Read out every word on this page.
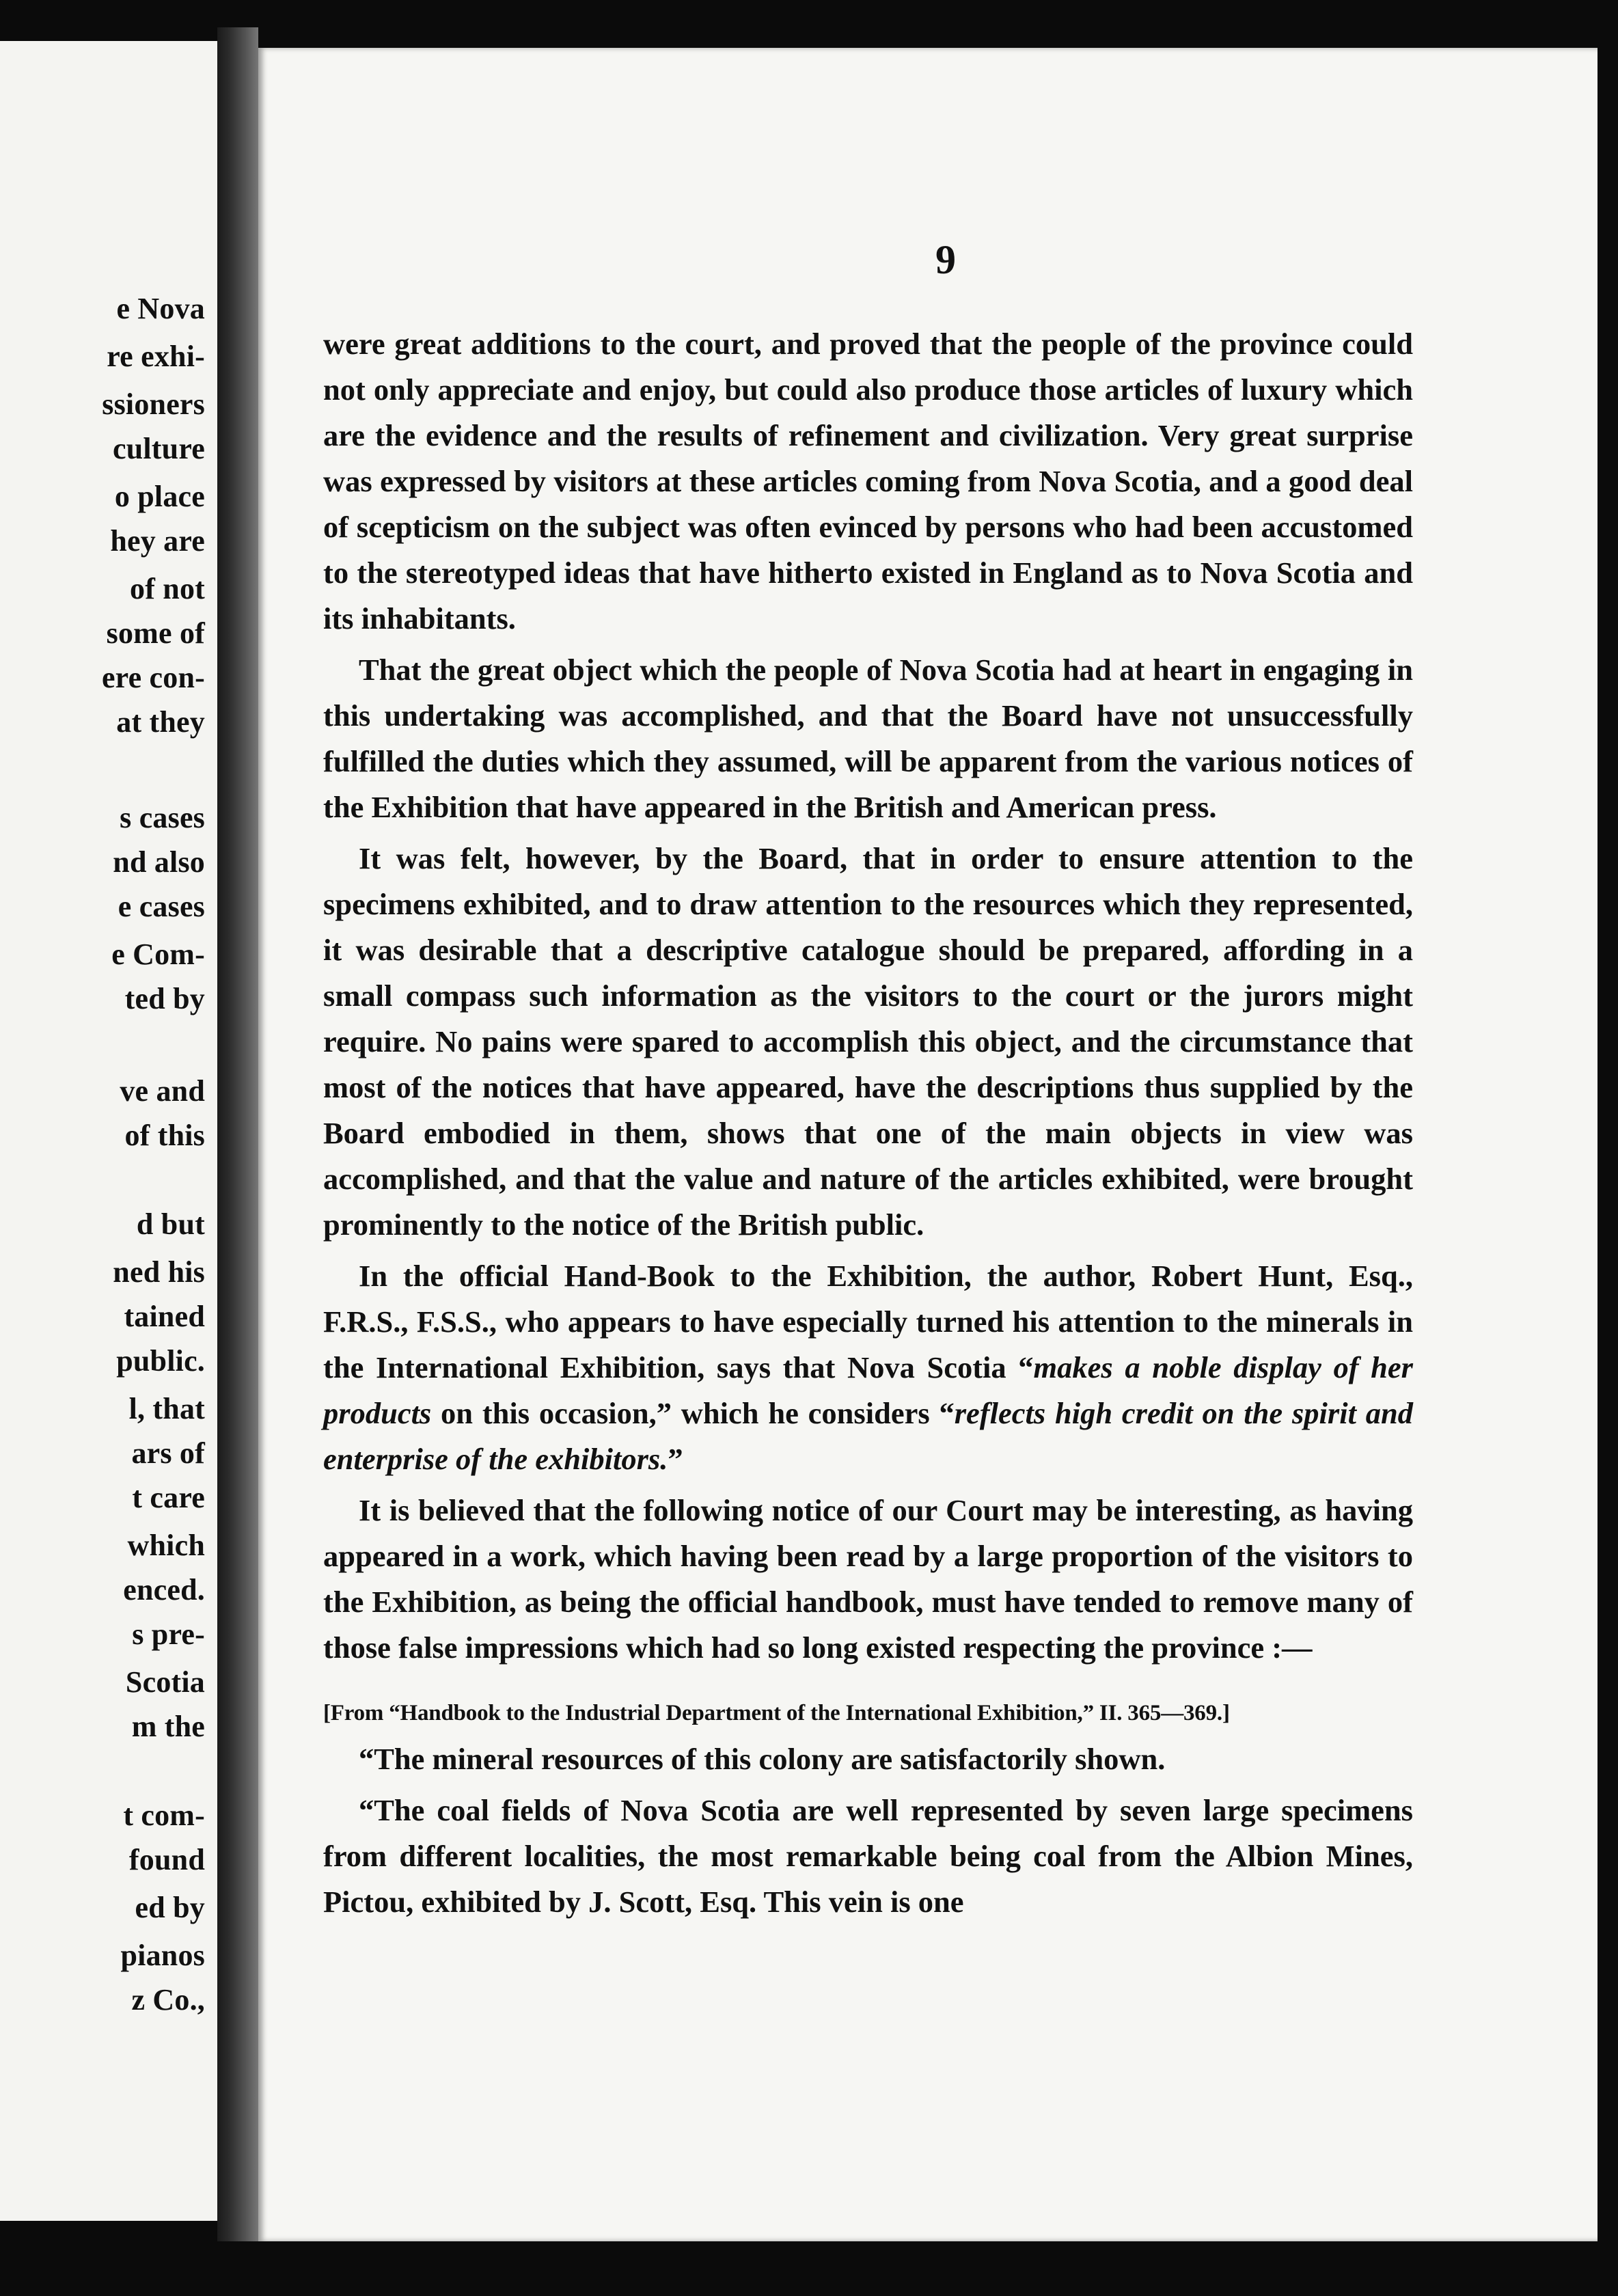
e Nova
re exhi-
ssioners
culture
o place
hey are
of not
some of
ere con-
at they
s cases
nd also
e cases
e Com-
ted by
ve and
of this
d but
ned his
tained
public.
l, that
ars of
t care
which
enced.
s pre-
Scotia
m the
t com-
found
ed by
pianos
z Co.,
9

were great additions to the court, and proved that the people of the province could not only appreciate and enjoy, but could also produce those articles of luxury which are the evidence and the results of refinement and civilization. Very great surprise was expressed by visitors at these articles coming from Nova Scotia, and a good deal of scepticism on the subject was often evinced by persons who had been accustomed to the stereotyped ideas that have hitherto existed in England as to Nova Scotia and its inhabitants.

That the great object which the people of Nova Scotia had at heart in engaging in this undertaking was accomplished, and that the Board have not unsuccessfully fulfilled the duties which they assumed, will be apparent from the various notices of the Exhibition that have appeared in the British and American press.

It was felt, however, by the Board, that in order to ensure attention to the specimens exhibited, and to draw attention to the resources which they represented, it was desirable that a descriptive catalogue should be prepared, affording in a small compass such information as the visitors to the court or the jurors might require. No pains were spared to accomplish this object, and the circumstance that most of the notices that have appeared, have the descriptions thus supplied by the Board embodied in them, shows that one of the main objects in view was accomplished, and that the value and nature of the articles exhibited, were brought prominently to the notice of the British public.

In the official Hand-Book to the Exhibition, the author, Robert Hunt, Esq., F.R.S., F.S.S., who appears to have especially turned his attention to the minerals in the International Exhibition, says that Nova Scotia “makes a noble display of her products on this occasion,” which he considers “reflects high credit on the spirit and enterprise of the exhibitors.”

It is believed that the following notice of our Court may be interesting, as having appeared in a work, which having been read by a large proportion of the visitors to the Exhibition, as being the official handbook, must have tended to remove many of those false impressions which had so long existed respecting the province :—

[From “Handbook to the Industrial Department of the International Exhibition,” II. 365—369.]

“The mineral resources of this colony are satisfactorily shown.

“The coal fields of Nova Scotia are well represented by seven large specimens from different localities, the most remarkable being coal from the Albion Mines, Pictou, exhibited by J. Scott, Esq. This vein is one
